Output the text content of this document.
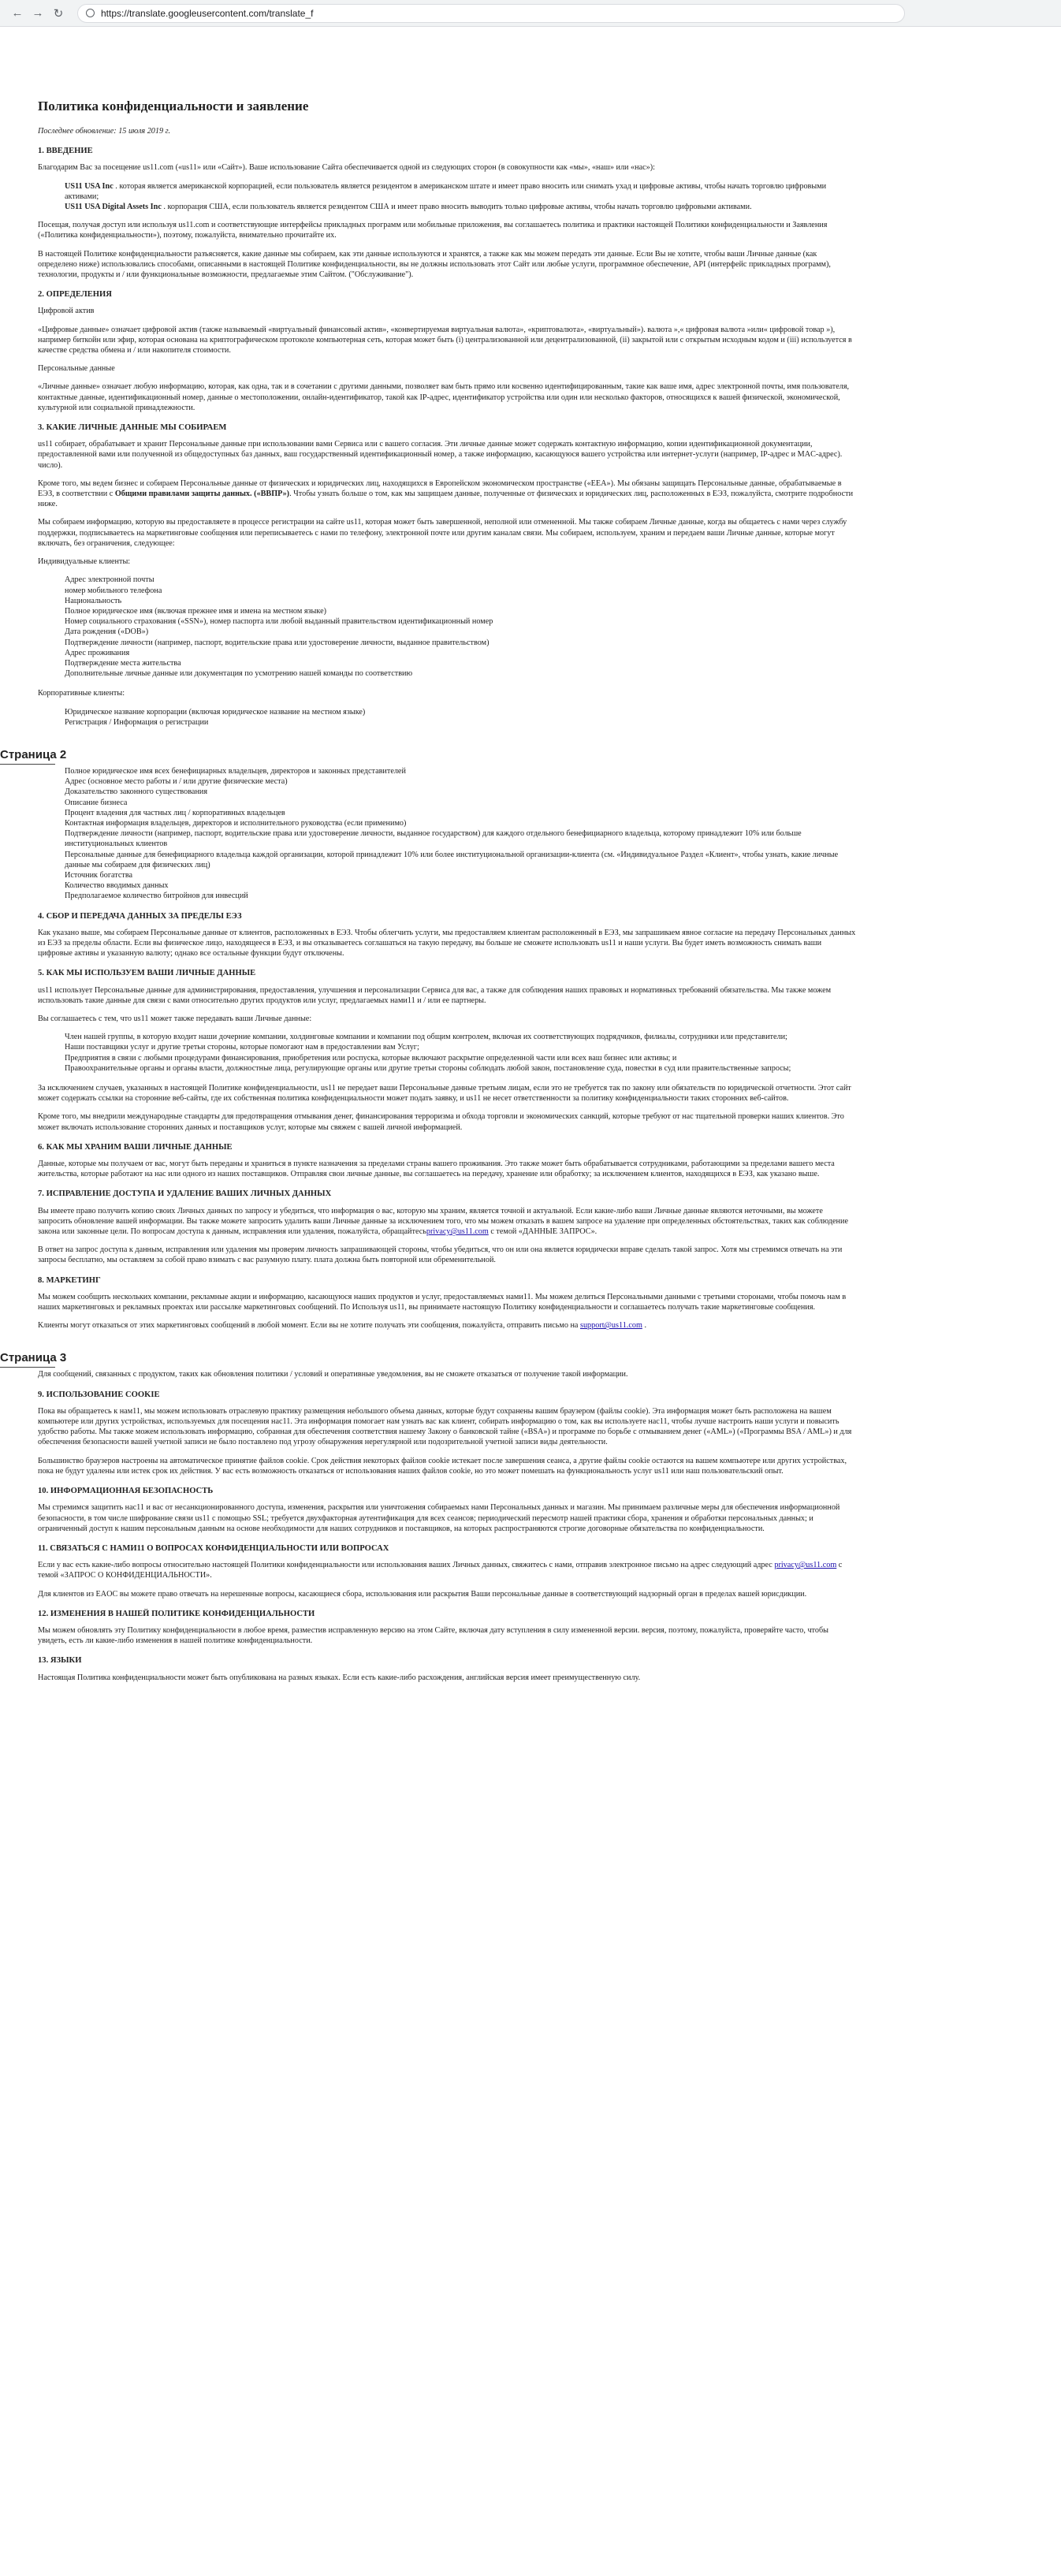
← → ↻	https://translate.googleusercontent.com/translate_f
Политика конфиденциальности и заявление

Последнее обновление: 15 июля 2019 г.

1. ВВЕДЕНИЕ

Благодарим Вас за посещение us11.com («us11» или «Сайт»). Ваше использование Сайта обеспечивается одной из следующих сторон (в совокупности как «мы», «наш» или «нас»):

US11 USA Inc . которая является американской корпорацией, если пользователь является резидентом в американском штате и имеет право вносить или снимать ухад и цифровые активы, чтобы начать торговлю цифровыми активами;
US11 USA Digital Assets Inc . корпорация США, если пользователь является резидентом США и имеет право вносить выводить только цифровые активы, чтобы начать торговлю цифровыми активами.

Посещая, получая доступ или используя us11.com и соответствующие интерфейсы прикладных программ или мобильные приложения, вы соглашаетесь политика и практики настоящей Политики конфиденциальности и Заявления («Политика конфиденциальности»), поэтому, пожалуйста, внимательно прочитайте их.

В настоящей Политике конфиденциальности разъясняется, какие данные мы собираем, как эти данные используются и хранятся, а также как мы можем передать эти данные. Если Вы не хотите, чтобы ваши Личные данные (как определено ниже) использовались способами, описанными в настоящей Политике конфиденциальности, вы не должны использовать этот Сайт или любые услуги, программное обеспечение, API (интерфейс прикладных программ), технологии, продукты и / или функциональные возможности, предлагаемые этим Сайтом. ("Обслуживание").

2. ОПРЕДЕЛЕНИЯ

Цифровой актив

«Цифровые данные» означает цифровой актив (также называемый «виртуальный финансовый актив», «конвертируемая виртуальная валюта», «криптовалюта», «виртуальный»). валюта »,« цифровая валюта »или« цифровой товар »), например биткойн или эфир, которая основана на криптографическом протоколе компьютерная сеть, которая может быть (i) централизованной или децентрализованной, (ii) закрытой или с открытым исходным кодом и (iii) используется в качестве средства обмена и / или накопителя стоимости.

Персональные данные

«Личные данные» означает любую информацию, которая, как одна, так и в сочетании с другими данными, позволяет вам быть прямо или косвенно идентифицированным, такие как ваше имя, адрес электронной почты, имя пользователя, контактные данные, идентификационный номер, данные о местоположении, онлайн-идентификатор, такой как IP-адрес, идентификатор устройства или один или несколько факторов, относящихся к вашей физической, экономической, культурной или социальной принадлежности.

3. КАКИЕ ЛИЧНЫЕ ДАННЫЕ МЫ СОБИРАЕМ

us11 собирает, обрабатывает и хранит Персональные данные при использовании вами Сервиса или с вашего согласия. Эти личные данные может содержать контактную информацию, копии идентификационной документации, предоставленной вами или полученной из общедоступных баз данных, ваш государственный идентификационный номер, а также информацию, касающуюся вашего устройства или интернет-услуги (например, IP-адрес и MAC-адрес). число).

Кроме того, мы ведем бизнес и собираем Персональные данные от физических и юридических лиц, находящихся в Европейском экономическом пространстве («ЕЕА»). Мы обязаны защищать Персональные данные, обрабатываемые в ЕЭЗ, в соответствии с Общими правилами защиты данных. («ВВПР»). Чтобы узнать больше о том, как мы защищаем данные, полученные от физических и юридических лиц, расположенных в ЕЭЗ, пожалуйста, смотрите подробности ниже.

Мы собираем информацию, которую вы предоставляете в процессе регистрации на сайте us11, которая может быть завершенной, неполной или отмененной. Мы также собираем Личные данные, когда вы общаетесь с нами через службу поддержки, подписываетесь на маркетинговые сообщения или переписываетесь с нами по телефону, электронной почте или другим каналам связи. Мы собираем, используем, храним и передаем ваши Личные данные, которые могут включать, без ограничения, следующее:

Индивидуальные клиенты:

Адрес электронной почты
номер мобильного телефона
Национальность
Полное юридическое имя (включая прежнее имя и имена на местном языке)
Номер социального страхования («SSN»), номер паспорта или любой выданный правительством идентификационный номер
Дата рождения («DOB»)
Подтверждение личности (например, паспорт, водительские права или удостоверение личности, выданное правительством)
Адрес проживания
Подтверждение места жительства
Дополнительные личные данные или документация по усмотрению нашей команды по соответствию

Корпоративные клиенты:

Юридическое название корпорации (включая юридическое название на местном языке)
Регистрация / Информация о регистрации
Страница 2
Полное юридическое имя всех бенефициарных владельцев, директоров и законных представителей
Адрес (основное место работы и / или другие физические места)
Доказательство законного существования
Описание бизнеса
Процент владения для частных лиц / корпоративных владельцев
Контактная информация владельцев, директоров и исполнительного руководства (если применимо)
Подтверждение личности (например, паспорт, водительские права или удостоверение личности, выданное государством) для каждого отдельного бенефициарного владельца, которому принадлежит 10% или больше институциональных клиентов
Персональные данные для бенефициарного владельца каждой организации, которой принадлежит 10% или более институциональной организации-клиента (см. «Индивидуальное Раздел «Клиент», чтобы узнать, какие личные данные мы собираем для физических лиц)
Источник богатства
Количество вводимых данных
Предполагаемое количество битройнов для инвесций
4. СБОР И ПЕРЕДАЧА ДАННЫХ ЗА ПРЕДЕЛЫ ЕЭЗ

Как указано выше, мы собираем Персональные данные от клиентов, расположенных в ЕЭЗ. Чтобы облегчить услуги, мы предоставляем клиентам расположенный в ЕЭЗ, мы запрашиваем явное согласие на передачу Персональных данных из ЕЭЗ за пределы области. Если вы физическое лицо, находящееся в ЕЭЗ, и вы отказываетесь соглашаться на такую передачу, вы больше не сможете использовать us11 и наши услуги. Вы будет иметь возможность снимать ваши цифровые активы и указанную валюту; однако все остальные функции будут отключены.

5. КАК МЫ ИСПОЛЬЗУЕМ ВАШИ ЛИЧНЫЕ ДАННЫЕ

us11 использует Персональные данные для администрирования, предоставления, улучшения и персонализации Сервиса для вас, а также для соблюдения наших правовых и нормативных требований обязательства. Мы также можем использовать такие данные для связи с вами относительно других продуктов или услуг, предлагаемых нами11 и / или ее партнеры.

Вы соглашаетесь с тем, что us11 может также передавать ваши Личные данные:

Член нашей группы, в которую входит наши дочерние компании, холдинговые компании и компании под общим контролем, включая их соответствующих подрядчиков, филиалы, сотрудники или представители;
Наши поставщики услуг и другие третьи стороны, которые помогают нам в предоставлении вам Услуг;
Предприятия в связи с любыми процедурами финансирования, приобретения или роспуска, которые включают раскрытие определенной части или всех ваш бизнес или активы; и
Правоохранительные органы и органы власти, должностные лица, регулирующие органы или другие третьи стороны соблюдать любой закон, постановление суда, повестки в суд или правительственные запросы;

За исключением случаев, указанных в настоящей Политике конфиденциальности, us11 не передает ваши Персональные данные третьим лицам, если это не требуется так по закону или обязательств по юридической отчетности. Этот сайт может содержать ссылки на сторонние веб-сайты, где их собственная политика конфиденциальности может подать заявку, и us11 не несет ответственности за политику конфиденциальности таких сторонних веб-сайтов.

Кроме того, мы внедрили международные стандарты для предотвращения отмывания денег, финансирования терроризма и обхода торговли и экономических санкций, которые требуют от нас тщательной проверки наших клиентов. Это может включать использование сторонних данных и поставщиков услуг, которые мы свяжем с вашей личной информацией.

6. КАК МЫ ХРАНИМ ВАШИ ЛИЧНЫЕ ДАННЫЕ

Данные, которые мы получаем от вас, могут быть переданы и храниться в пункте назначения за пределами страны вашего проживания. Это также может быть обрабатывается сотрудниками, работающими за пределами вашего места жительства, которые работают на нас или одного из наших поставщиков. Отправляя свои личные данные, вы соглашаетесь на передачу, хранение или обработку; за исключением клиентов, находящихся в ЕЭЗ, как указано выше.

7. ИСПРАВЛЕНИЕ ДОСТУПА И УДАЛЕНИЕ ВАШИХ ЛИЧНЫХ ДАННЫХ

Вы имеете право получить копию своих Личных данных по запросу и убедиться, что информация о вас, которую мы храним, является точной и актуальной. Если какие-либо ваши Личные данные являются неточными, вы можете запросить обновление вашей информации. Вы также можете запросить удалить ваши Личные данные за исключением того, что мы можем отказать в вашем запросе на удаление при определенных обстоятельствах, таких как соблюдение закона или законные цели. По вопросам доступа к данным, исправления или удаления, пожалуйста, обращайтесьprivacy@us11.com с темой «ДАННЫЕ ЗАПРОС».

В ответ на запрос доступа к данным, исправления или удаления мы проверим личность запрашивающей стороны, чтобы убедиться, что он или она является юридически вправе сделать такой запрос. Хотя мы стремимся отвечать на эти запросы бесплатно, мы оставляем за собой право взимать с вас разумную плату. плата должна быть повторной или обременительной.

8. МАРКЕТИНГ

Мы можем сообщить нескольких компании, рекламные акции и информацию, касающуюся наших продуктов и услуг, предоставляемых нами11. Мы можем делиться Персональными данными с третьими сторонами, чтобы помочь нам в наших маркетинговых и рекламных проектах или рассылке маркетинговых сообщений. По Используя us11, вы принимаете настоящую Политику конфиденциальности и соглашаетесь получать такие маркетинговые сообщения.

Клиенты могут отказаться от этих маркетинговых сообщений в любой момент. Если вы не хотите получать эти сообщения, пожалуйста, отправить письмо на support@us11.com .

Страница 3

Для сообщений, связанных с продуктом, таких как обновления политики / условий и оперативные уведомления, вы не сможете отказаться от получение такой информации.

9. ИСПОЛЬЗОВАНИЕ COOKIE

Пока вы обращаетесь к нам11, мы можем использовать отраслевую практику размещения небольшого объема данных, которые будут сохранены вашим браузером (файлы cookie). Эта информация может быть расположена на вашем компьютере или других устройствах, используемых для посещения нас11. Эта информация помогает нам узнать вас как клиент, собирать информацию о том, как вы используете нас11, чтобы лучше настроить наши услуги и повысить удобство работы. Мы также можем использовать информацию, собранная для обеспечения соответствия нашему Закону о банковской тайне («BSA») и программе по борьбе с отмыванием денег («AML») («Программы BSA / AML») и для обеспечения безопасности вашей учетной записи не было поставлено под угрозу обнаружения нерегулярной или подозрительной учетной записи виды деятельности.

Большинство браузеров настроены на автоматическое принятие файлов cookie. Срок действия некоторых файлов cookie истекает после завершения сеанса, а другие файлы cookie остаются на вашем компьютере или других устройствах, пока не будут удалены или истек срок их действия. У вас есть возможность отказаться от использования наших файлов cookie, но это может помешать на функциональность услуг us11 или наш пользовательский опыт.

10. ИНФОРМАЦИОННАЯ БЕЗОПАСНОСТЬ

Мы стремимся защитить нас11 и вас от несанкционированного доступа, изменения, раскрытия или уничтожения собираемых нами Персональных данных и магазин. Мы принимаем различные меры для обеспечения информационной безопасности, в том числе шифрование связи us11 с помощью SSL; требуется двухфакторная аутентификация для всех сеансов; периодический пересмотр нашей практики сбора, хранения и обработки персональных данных; и ограниченный доступ к нашим персональным данным на основе необходимости для наших сотрудников и поставщиков, на которых распространяются строгие договорные обязательства по конфиденциальности.

11. СВЯЗАТЬСЯ С НАМИ11 О ВОПРОСАХ КОНФИДЕНЦИАЛЬНОСТИ ИЛИ ВОПРОСАХ

Если у вас есть какие-либо вопросы относительно настоящей Политики конфиденциальности или использования ваших Личных данных, свяжитесь с нами, отправив электронное письмо на адрес следующий адрес privacy@us11.com с темой «ЗАПРОС О КОНФИДЕНЦИАЛЬНОСТИ».

Для клиентов из EAOC вы можете право отвечать на нерешенные вопросы, касающиеся сбора, использования или раскрытия Ваши персональные данные в соответствующий надзорный орган в пределах вашей юрисдикции.

12. ИЗМЕНЕНИЯ В НАШЕЙ ПОЛИТИКЕ КОНФИДЕНЦИАЛЬНОСТИ

Мы можем обновлять эту Политику конфиденциальности в любое время, разместив исправленную версию на этом Сайте, включая дату вступления в силу измененной версии. версия, поэтому, пожалуйста, проверяйте часто, чтобы увидеть, есть ли какие-либо изменения в нашей политике конфиденциальности.

13. ЯЗЫКИ

Настоящая Политика конфиденциальности может быть опубликована на разных языках. Если есть какие-либо расхождения, английская версия имеет преимущественную силу.
